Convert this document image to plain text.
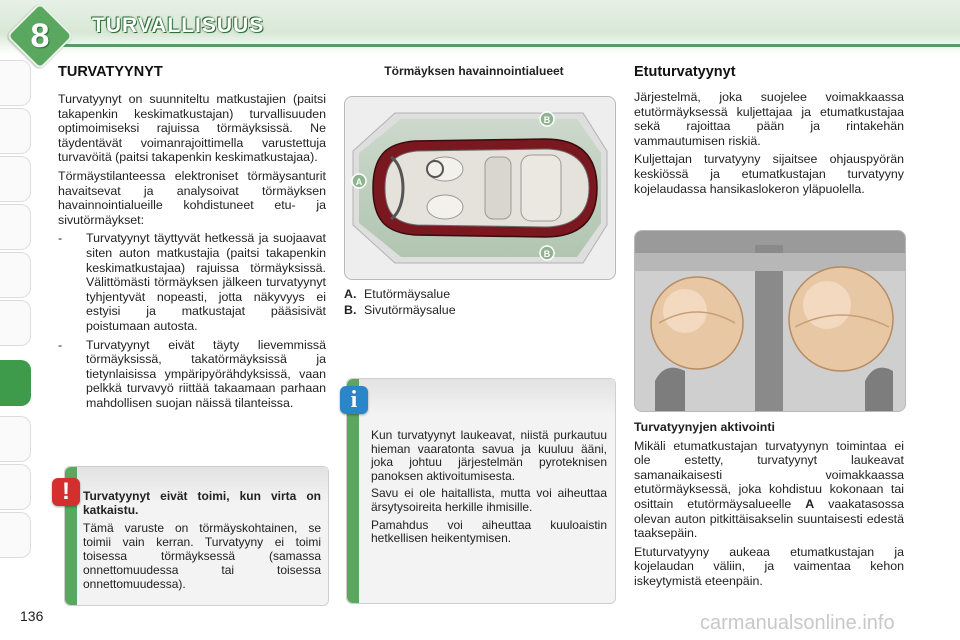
8	TURVALLISUUS
TURVATYYNYT

Turvatyynyt on suunniteltu matkustajien (paitsi takapenkin keskimatkustajan) turvallisuuden optimoimiseksi rajuissa törmäyksissä. Ne täydentävät voimanrajoittimella varustettuja turvavöitä (paitsi takapenkin keskimatkustajaa).

Törmäystilanteessa elektroniset törmäysanturit havaitsevat ja analysoivat törmäyksen havainnointialueille kohdistuneet etu- ja sivutörmäykset:

-	Turvatyynyt täyttyvät hetkessä ja suojaavat siten auton matkustajia (paitsi takapenkin keskimatkustajaa) rajuissa törmäyksissä. Välittömästi törmäyksen jälkeen turvatyynyt tyhjentyvät nopeasti, jotta näkyvyys ei estyisi ja matkustajat pääsisivät poistumaan autosta.
-	Turvatyynyt eivät täyty lievemmissä törmäyksissä, takatörmäyksissä ja tietynlaisissa ympäripyörähdyksissä, vaan pelkkä turvavyö riittää takaamaan parhaan mahdollisen suojan näissä tilanteissa.

Turvatyynyt eivät toimi, kun virta on katkaistu.

Tämä varuste on törmäyskohtainen, se toimii vain kerran. Turvatyyny ei toimi toisessa törmäyksessä (samassa onnettomuudessa tai toisessa onnettomuudessa).

!
Törmäyksen havainnointialueet
A
B
B
A. Etutörmäysalue
B. Sivutörmäysalue

Kun turvatyynyt laukeavat, niistä purkautuu hieman vaaratonta savua ja kuuluu ääni, joka johtuu järjestelmän pyroteknisen panoksen aktivoitumisesta.

Savu ei ole haitallista, mutta voi aiheuttaa ärsytysoireita herkille ihmisille.

Pamahdus voi aiheuttaa kuuloaistin hetkellisen heikentymisen.

i
Etuturvatyynyt

Järjestelmä, joka suojelee voimakkaassa etutörmäyksessä kuljettajaa ja etumatkustajaa sekä rajoittaa pään ja rintakehän vammautumisen riskiä.

Kuljettajan turvatyyny sijaitsee ohjauspyörän keskiössä ja etumatkustajan turvatyyny kojelaudassa hansikaslokeron yläpuolella.

Turvatyynyjen aktivointi

Mikäli etumatkustajan turvatyynyn toimintaa ei ole estetty, turvatyynyt laukeavat samanaikaisesti voimakkaassa etutörmäyksessä, joka kohdistuu kokonaan tai osittain etutörmäysalueelle A vaakatasossa olevan auton pitkittäisakselin suuntaisesti edestä taaksepäin.

Etuturvatyyny aukeaa etumatkustajan ja kojelaudan väliin, ja vaimentaa kehon iskeytymistä eteenpäin.

136	carmanualsonline.info
